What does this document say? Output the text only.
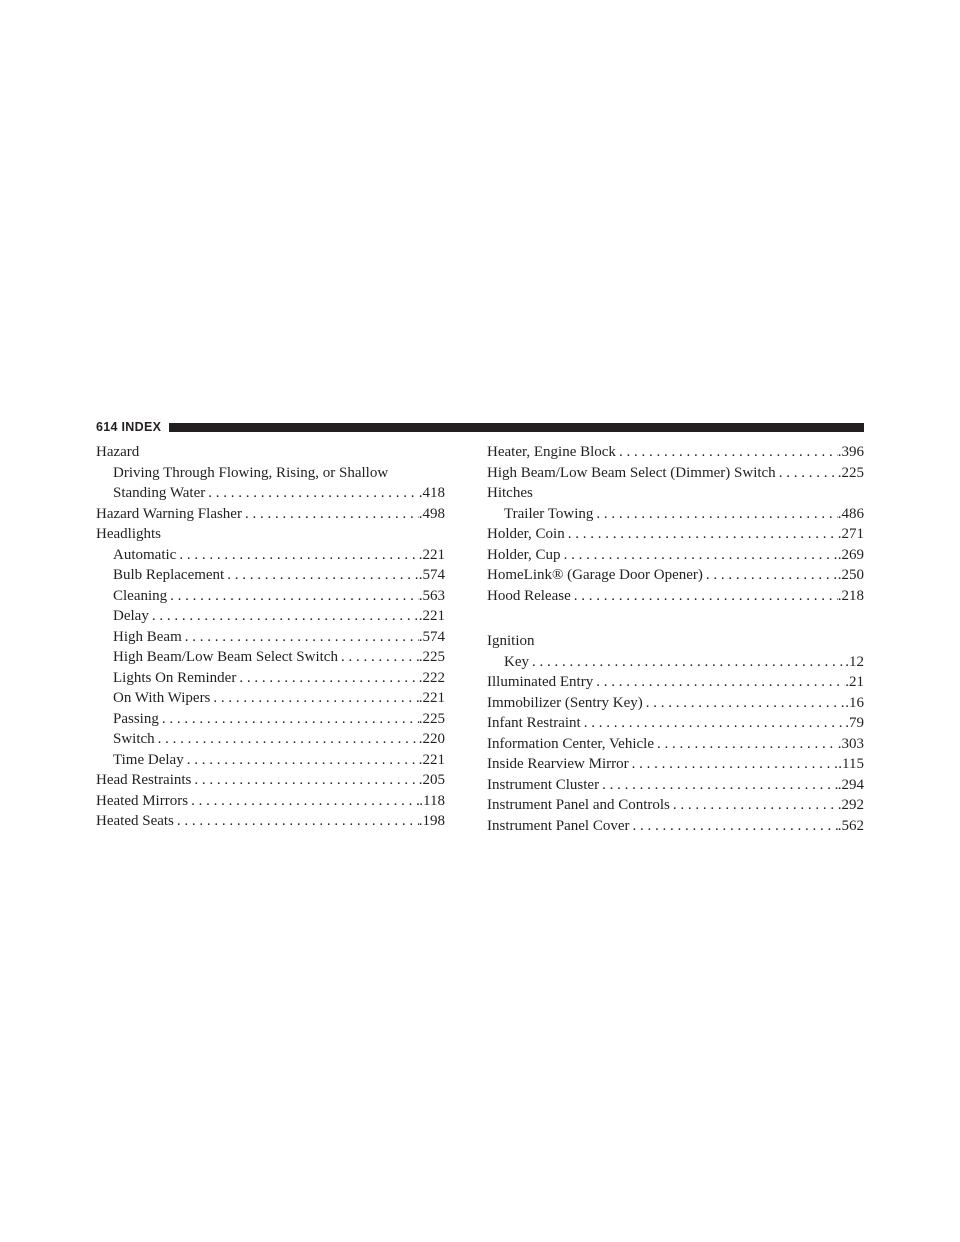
614 INDEX
Hazard
Driving Through Flowing, Rising, or Shallow
Standing Water . . .	.418
Hazard Warning Flasher . . .	.498
Headlights
Automatic . . .	.221
Bulb Replacement . . .	.574
Cleaning . . .	.563
Delay . . .	.221
High Beam . . .	.574
High Beam/Low Beam Select Switch . . .	.225
Lights On Reminder . . .	.222
On With Wipers . . .	.221
Passing . . .	.225
Switch . . .	.220
Time Delay . . .	.221
Head Restraints . . .	.205
Heated Mirrors . . .	.118
Heated Seats . . .	.198
Heater, Engine Block . . .	.396
High Beam/Low Beam Select (Dimmer) Switch . . .	.225
Hitches
Trailer Towing . . .	.486
Holder, Coin . . .	.271
Holder, Cup . . .	.269
HomeLink® (Garage Door Opener) . . .	.250
Hood Release . . .	.218
Ignition
Key . . .	.12
Illuminated Entry . . .	.21
Immobilizer (Sentry Key) . . .	.16
Infant Restraint . . .	.79
Information Center, Vehicle . . .	.303
Inside Rearview Mirror . . .	.115
Instrument Cluster . . .	.294
Instrument Panel and Controls . . .	.292
Instrument Panel Cover . . .	.562
